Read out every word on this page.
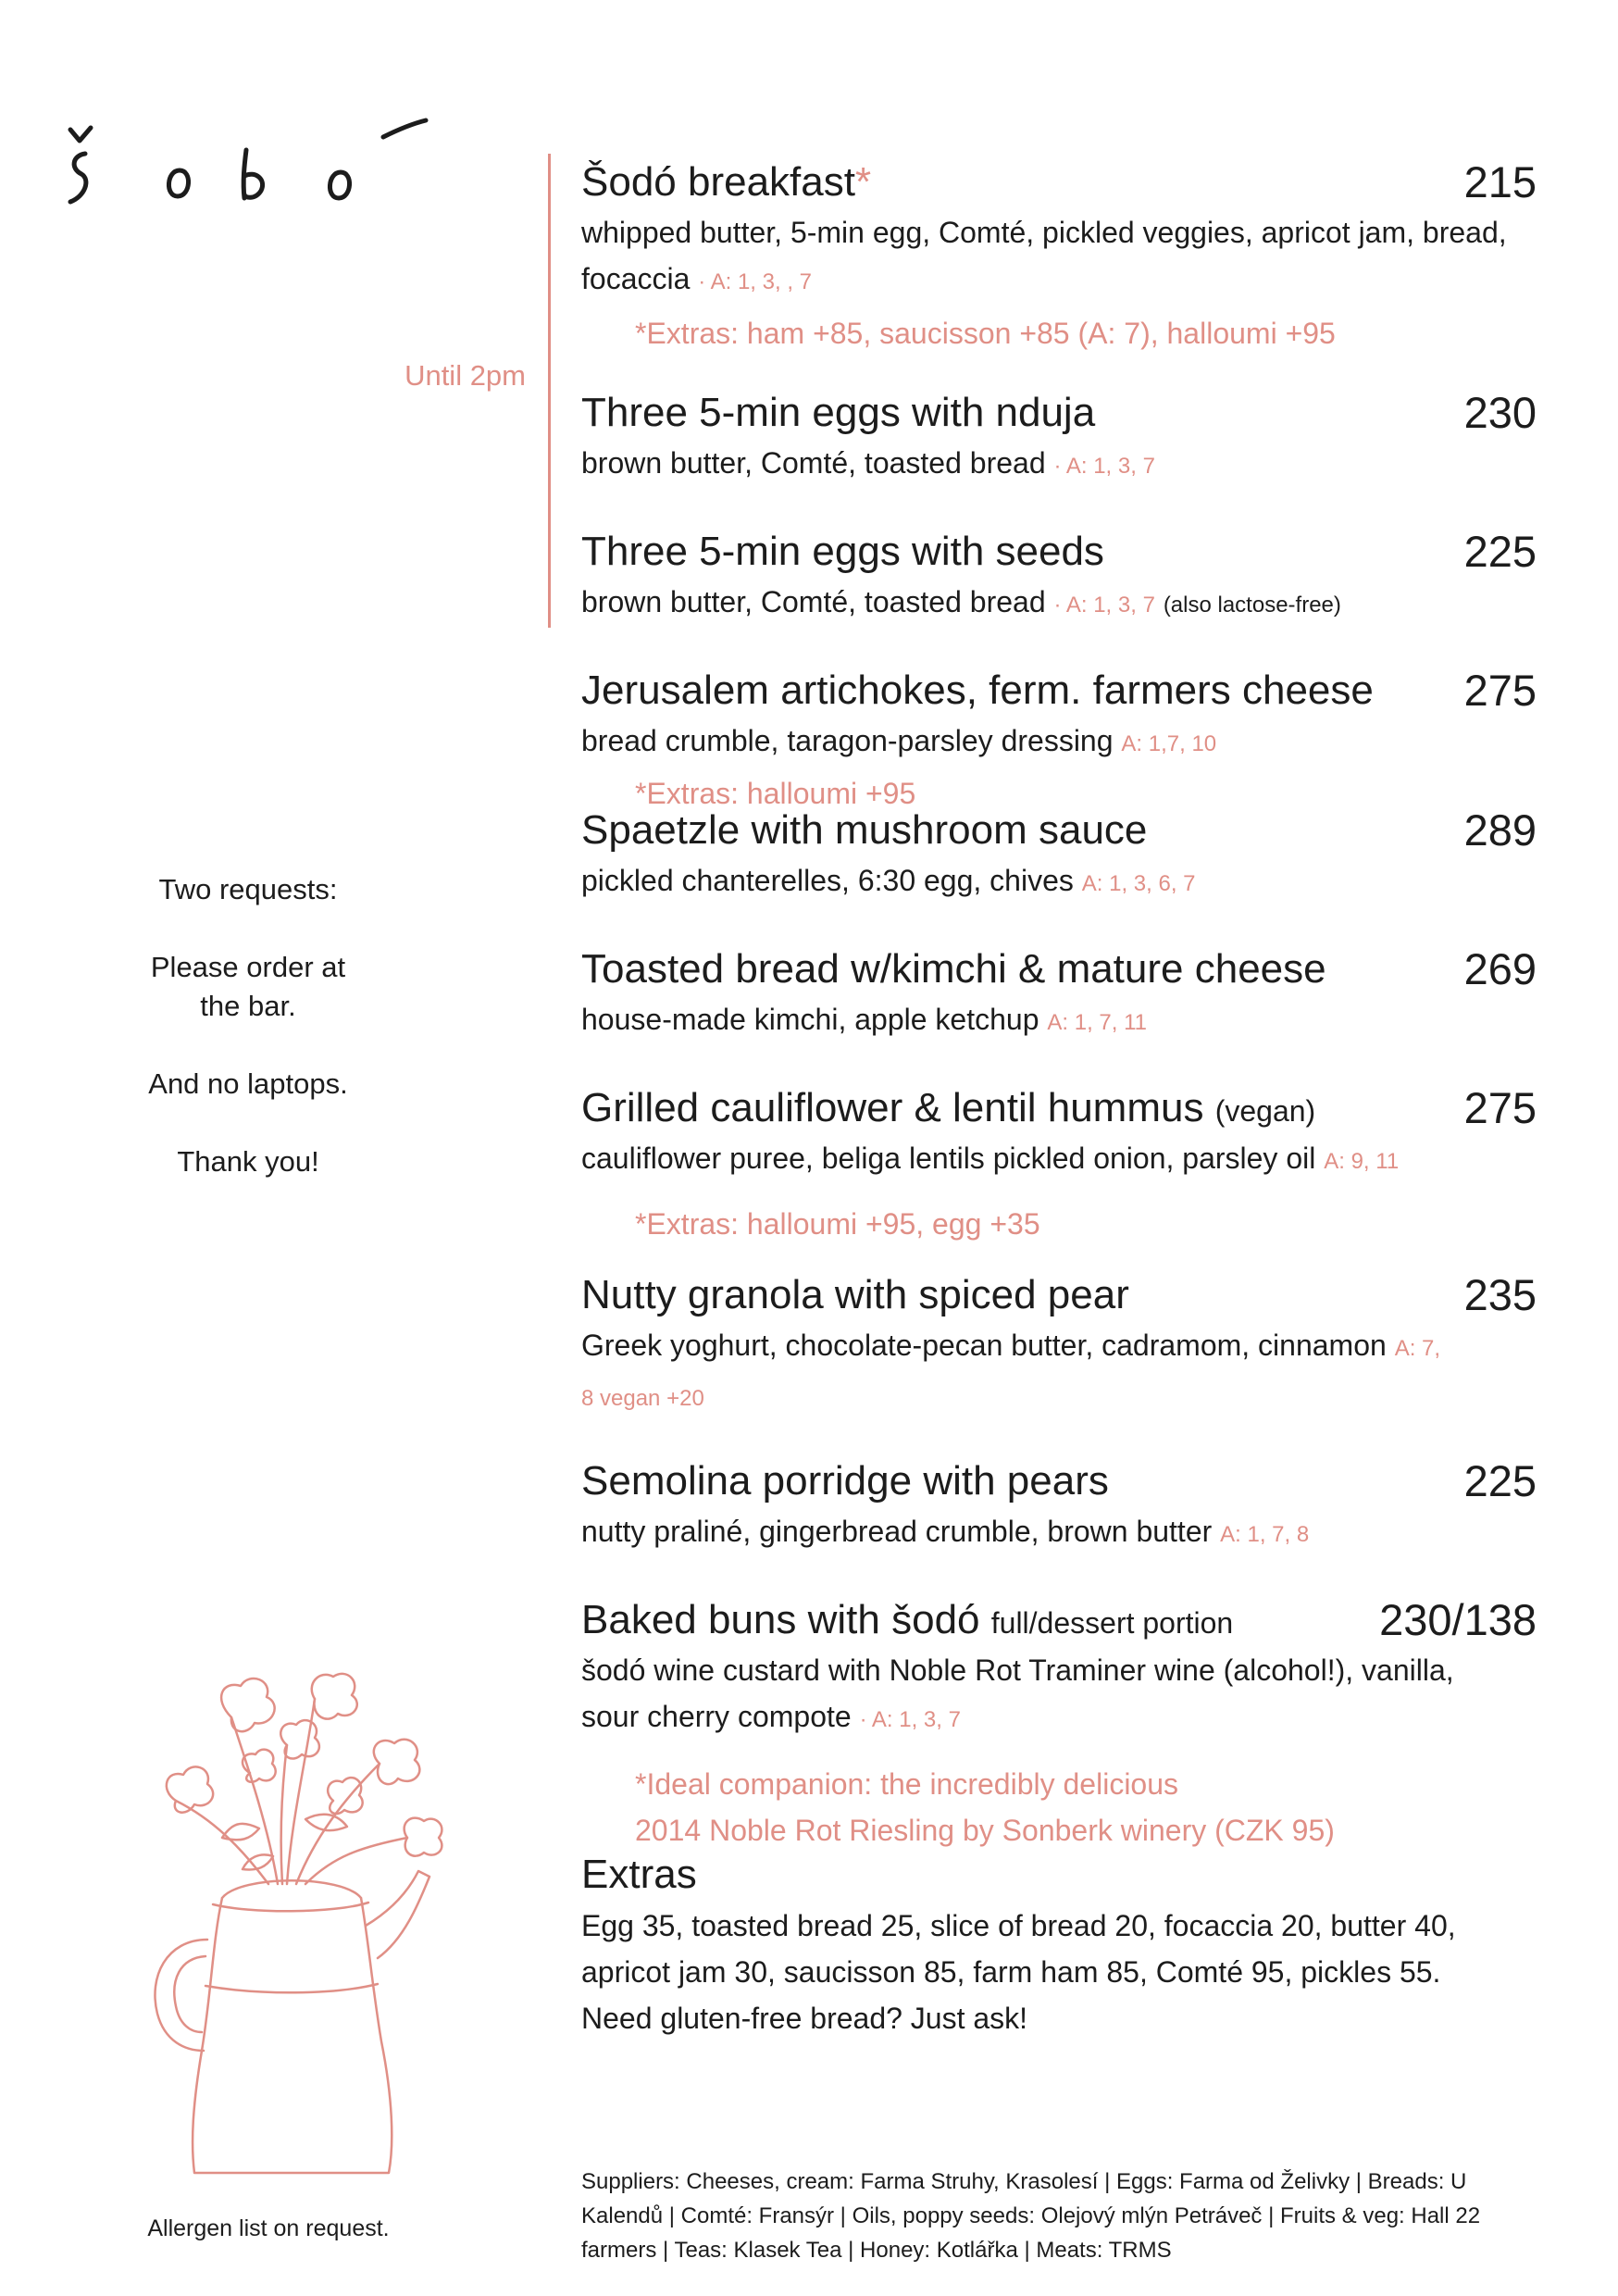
Until 2pm

Two requests:

Please order at the bar.

And no laptops.

Thank you!

Allergen list on request.
Šodó breakfast*	215
whipped butter, 5-min egg, Comté, pickled veggies, apricot jam, bread, focaccia · A: 1, 3, , 7
*Extras: ham +85, saucisson +85 (A: 7), halloumi +95
Three 5-min eggs with nduja	230
brown butter, Comté, toasted bread · A: 1, 3, 7
Three 5-min eggs with seeds	225
brown butter, Comté, toasted bread · A: 1, 3, 7 (also lactose-free)
Jerusalem artichokes, ferm. farmers cheese 275
bread crumble, taragon-parsley dressing A: 1,7, 10
*Extras: halloumi +95
Spaetzle with mushroom sauce	289
pickled chanterelles, 6:30 egg, chives A: 1, 3, 6, 7
Toasted bread w/kimchi & mature cheese	269
house-made kimchi, apple ketchup A: 1, 7, 11
Grilled cauliflower & lentil hummus (vegan)	275
cauliflower puree, beliga lentils pickled onion, parsley oil A: 9, 11
*Extras: halloumi +95, egg +35
Nutty granola with spiced pear	235
Greek yoghurt, chocolate-pecan butter, cadramom, cinnamon A: 7, 8 vegan +20
Semolina porridge with pears	225
nutty praliné, gingerbread crumble, brown butter A: 1, 7, 8
Baked buns with šodó full/dessert portion	230/138
šodó wine custard with Noble Rot Traminer wine (alcohol!), vanilla, sour cherry compote · A: 1, 3, 7
*Ideal companion: the incredibly delicious
2014 Noble Rot Riesling by Sonberk winery (CZK 95)
Extras
Egg 35, toasted bread 25, slice of bread 20, focaccia 20, butter 40, apricot jam 30, saucisson 85, farm ham 85, Comté 95, pickles 55. Need gluten-free bread? Just ask!
Suppliers: Cheeses, cream: Farma Struhy, Krasolesí | Eggs: Farma od Želivky | Breads: U Kalendů | Comté: Fransýr | Oils, poppy seeds: Olejový mlýn Petráveč | Fruits & veg: Hall 22 farmers | Teas: Klasek Tea | Honey: Kotlářka | Meats: TRMS
